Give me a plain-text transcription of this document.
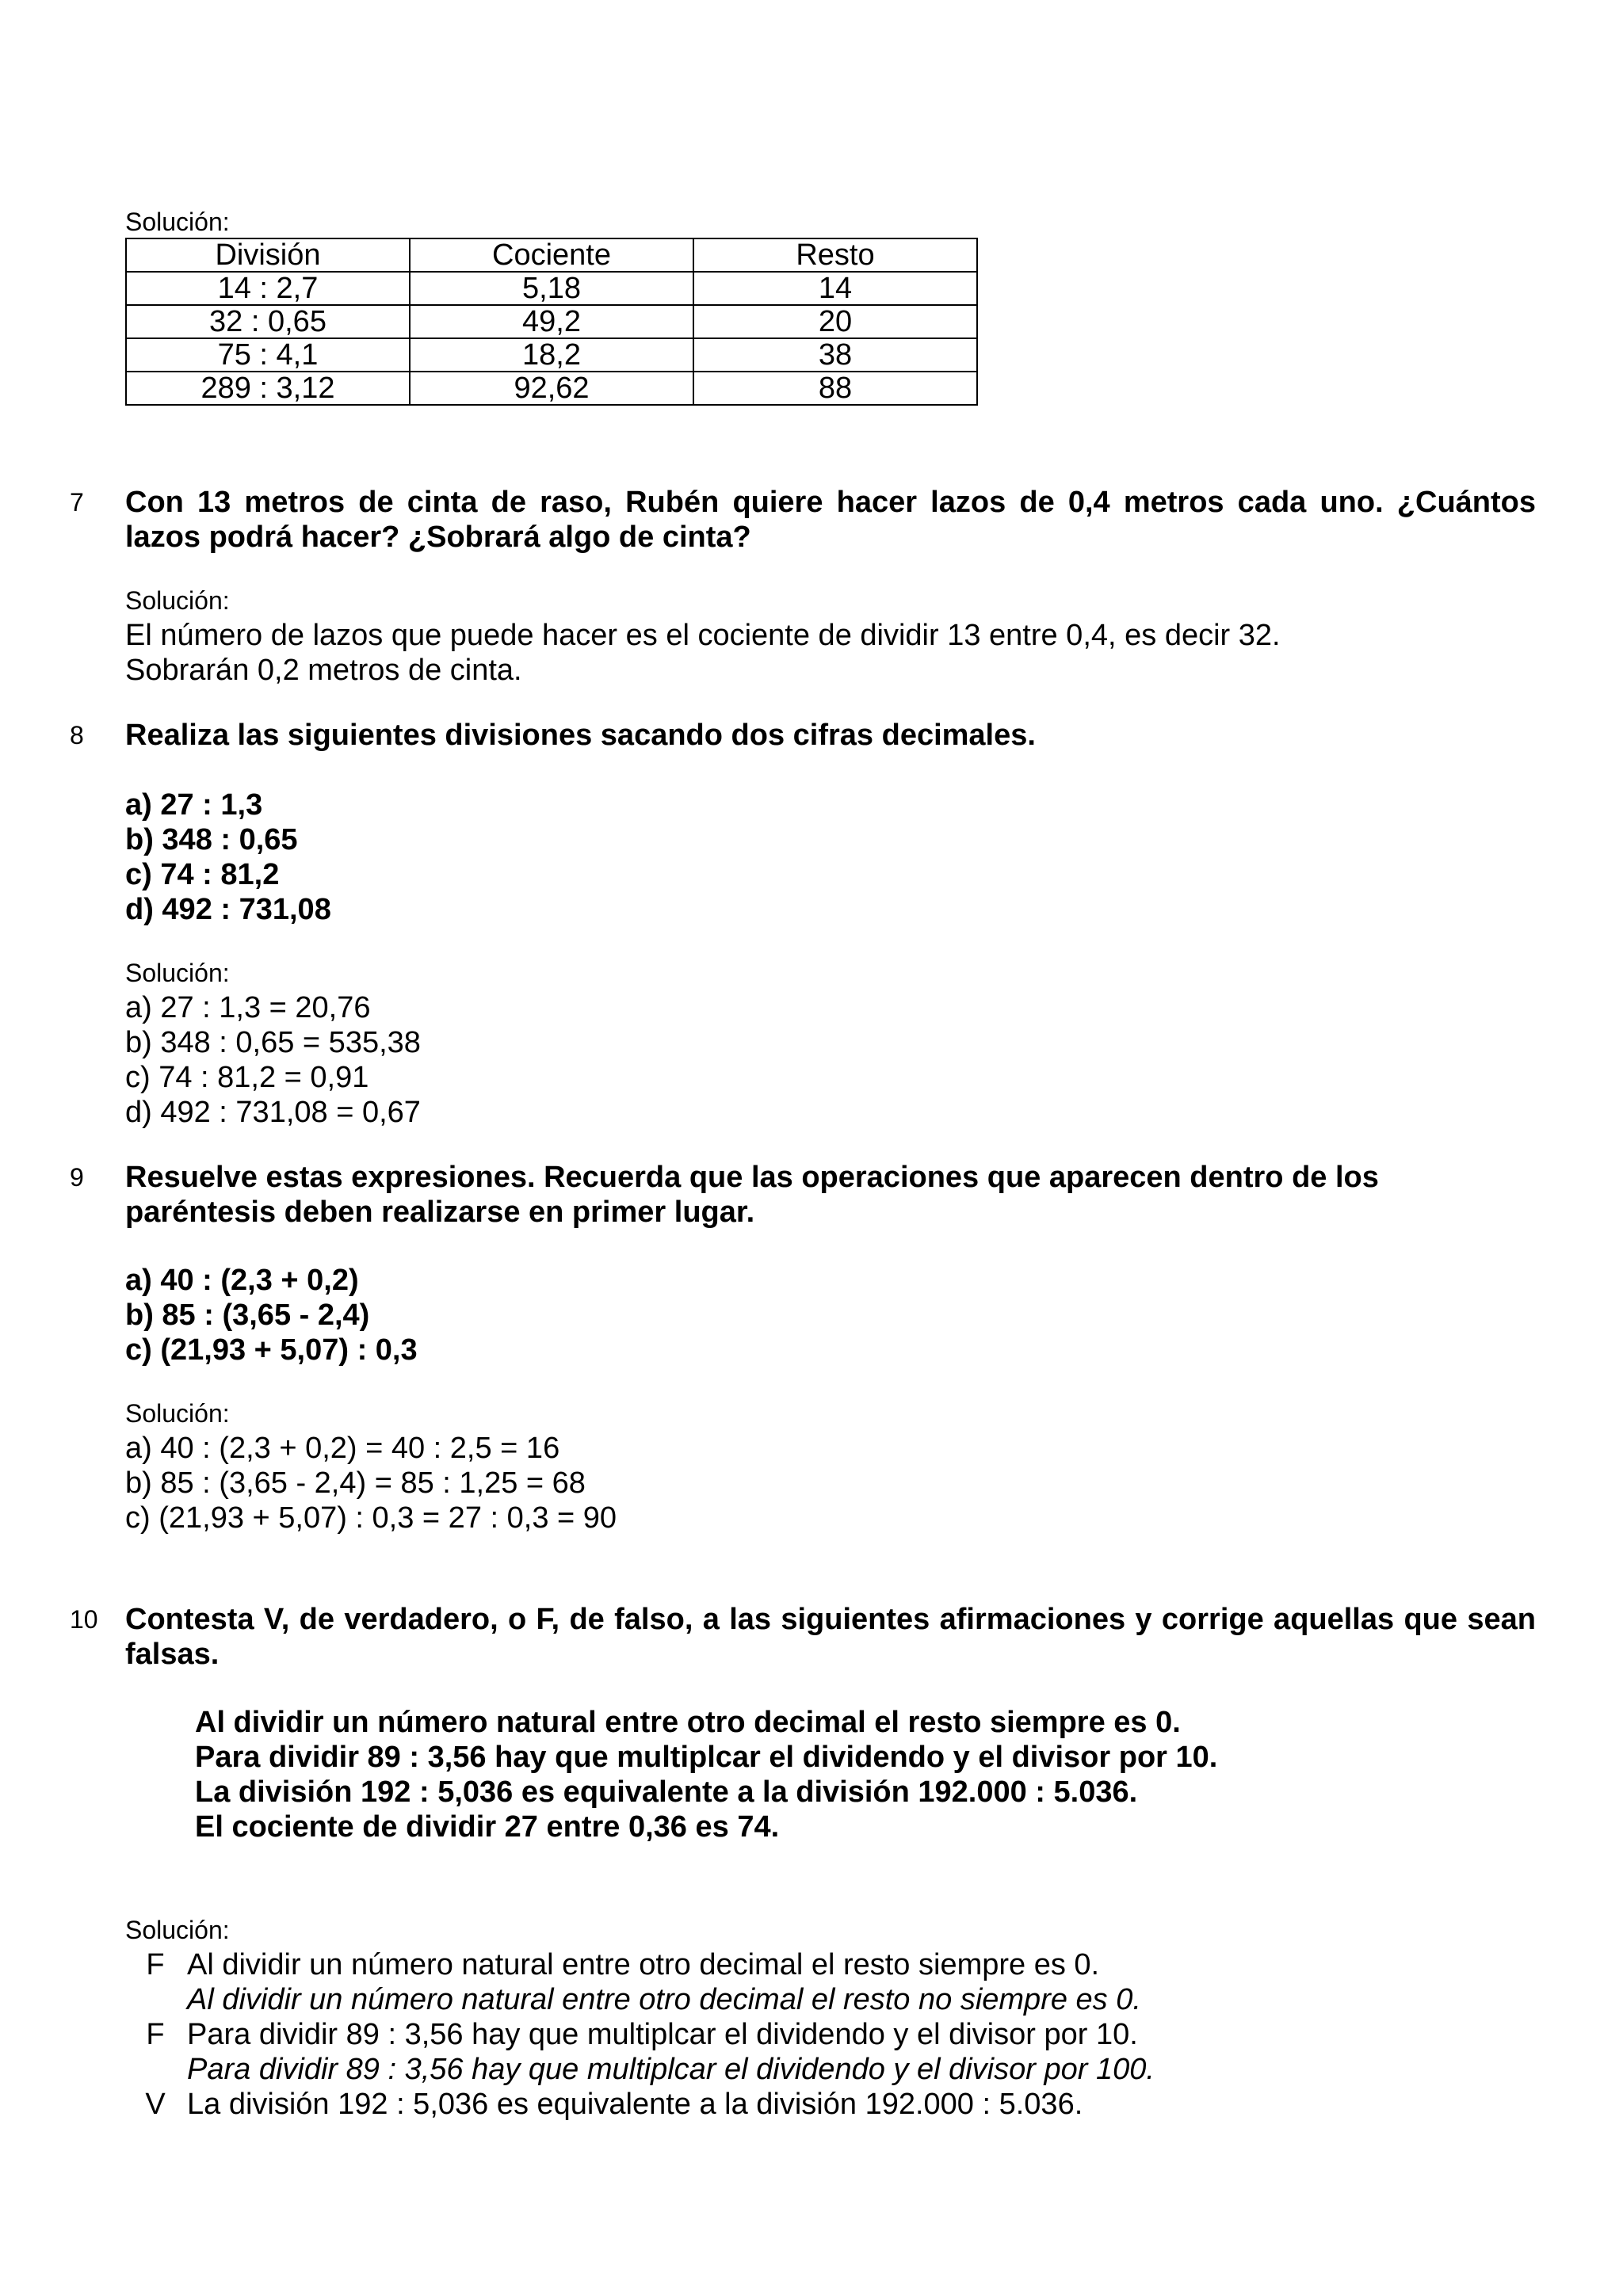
Solución:
División	Cociente	Resto
14 : 2,7	5,18	14
32 : 0,65	49,2	20
75 : 4,1	18,2	38
289 : 3,12	92,62	88
7 Con 13 metros de cinta de raso, Rubén quiere hacer lazos de 0,4 metros cada uno. ¿Cuántos lazos podrá hacer? ¿Sobrará algo de cinta?
Solución:
El número de lazos que puede hacer es el cociente de dividir 13 entre 0,4, es decir 32.
Sobrarán 0,2 metros de cinta.
8 Realiza las siguientes divisiones sacando dos cifras decimales.
a) 27 : 1,3
b) 348 : 0,65
c) 74 : 81,2
d) 492 : 731,08
Solución:
a) 27 : 1,3 = 20,76
b) 348 : 0,65 = 535,38
c) 74 : 81,2 = 0,91
d) 492 : 731,08 = 0,67
9 Resuelve estas expresiones. Recuerda que las operaciones que aparecen dentro de los
paréntesis deben realizarse en primer lugar.
a) 40 : (2,3 + 0,2)
b) 85 : (3,65 - 2,4)
c) (21,93 + 5,07) : 0,3
Solución:
a) 40 : (2,3 + 0,2) = 40 : 2,5 = 16
b) 85 : (3,65 - 2,4) = 85 : 1,25 = 68
c) (21,93 + 5,07) : 0,3 = 27 : 0,3 = 90
10 Contesta V, de verdadero, o F, de falso, a las siguientes afirmaciones y corrige aquellas que sean falsas.
Al dividir un número natural entre otro decimal el resto siempre es 0.
Para dividir 89 : 3,56 hay que multiplcar el dividendo y el divisor por 10.
La división 192 : 5,036 es equivalente a la división 192.000 : 5.036.
El cociente de dividir 27 entre 0,36 es 74.
Solución:
F Al dividir un número natural entre otro decimal el resto siempre es 0.
Al dividir un número natural entre otro decimal el resto no siempre es 0.
F Para dividir 89 : 3,56 hay que multiplcar el dividendo y el divisor por 10.
Para dividir 89 : 3,56 hay que multiplcar el dividendo y el divisor por 100.
V La división 192 : 5,036 es equivalente a la división 192.000 : 5.036.
